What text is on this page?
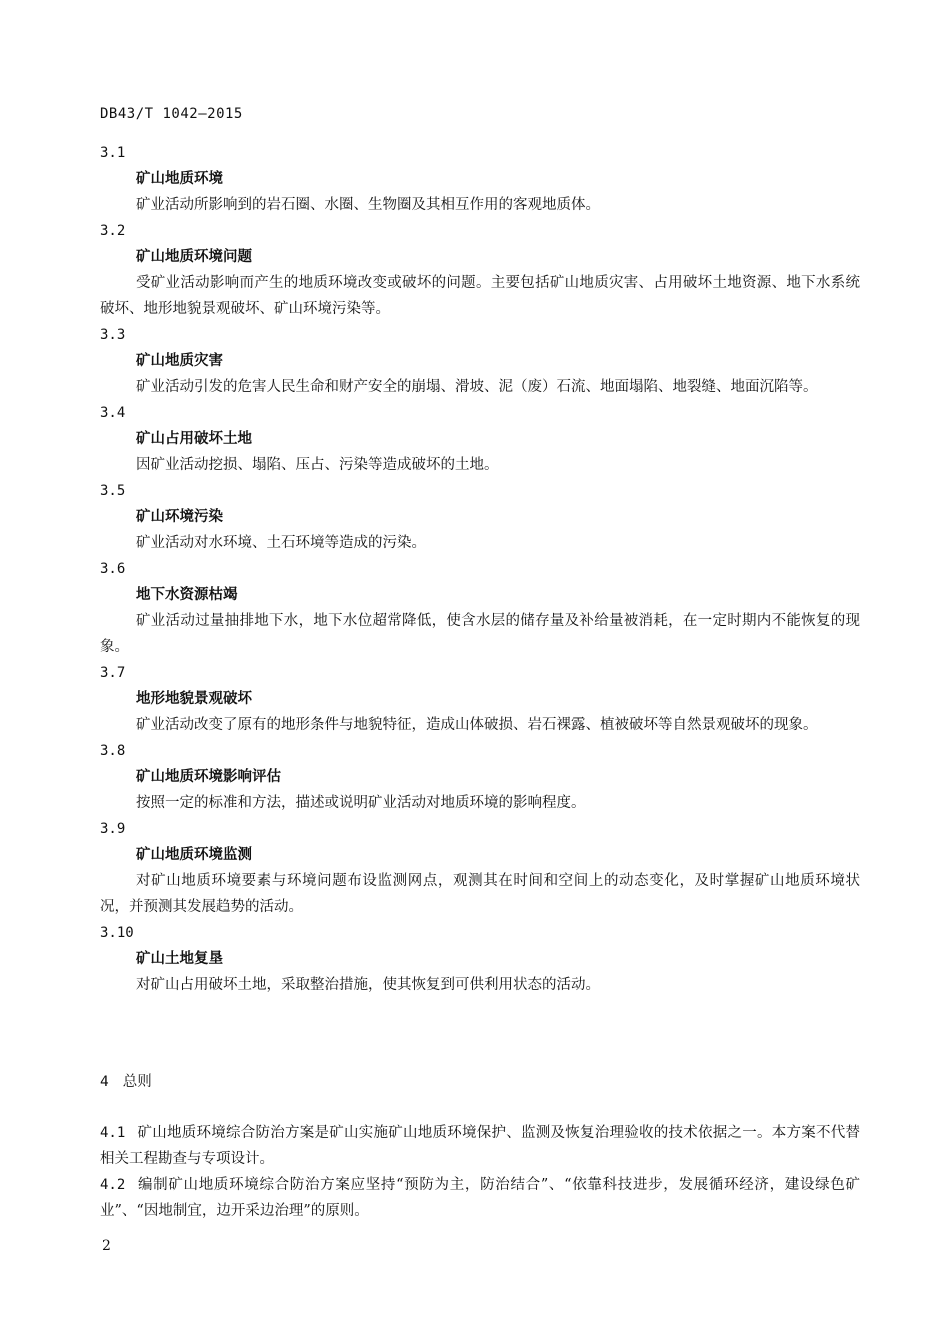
DB43/T 1042—2015
3.1
矿山地质环境
矿业活动所影响到的岩石圈、水圈、生物圈及其相互作用的客观地质体。
3.2
矿山地质环境问题
受矿业活动影响而产生的地质环境改变或破坏的问题。主要包括矿山地质灾害、占用破坏土地资源、地下水系统破坏、地形地貌景观破坏、矿山环境污染等。
3.3
矿山地质灾害
矿业活动引发的危害人民生命和财产安全的崩塌、滑坡、泥（废）石流、地面塌陷、地裂缝、地面沉陷等。
3.4
矿山占用破坏土地
因矿业活动挖损、塌陷、压占、污染等造成破坏的土地。
3.5
矿山环境污染
矿业活动对水环境、土石环境等造成的污染。
3.6
地下水资源枯竭
矿业活动过量抽排地下水，地下水位超常降低，使含水层的储存量及补给量被消耗，在一定时期内不能恢复的现象。
3.7
地形地貌景观破坏
矿业活动改变了原有的地形条件与地貌特征，造成山体破损、岩石裸露、植被破坏等自然景观破坏的现象。
3.8
矿山地质环境影响评估
按照一定的标准和方法，描述或说明矿业活动对地质环境的影响程度。
3.9
矿山地质环境监测
对矿山地质环境要素与环境问题布设监测网点，观测其在时间和空间上的动态变化，及时掌握矿山地质环境状况，并预测其发展趋势的活动。
3.10
矿山土地复垦
对矿山占用破坏土地，采取整治措施，使其恢复到可供利用状态的活动。
4 总则
4.1 矿山地质环境综合防治方案是矿山实施矿山地质环境保护、监测及恢复治理验收的技术依据之一。本方案不代替相关工程勘查与专项设计。
4.2 编制矿山地质环境综合防治方案应坚持“预防为主，防治结合”、“依靠科技进步，发展循环经济，建设绿色矿业”、“因地制宜，边开采边治理”的原则。
2
